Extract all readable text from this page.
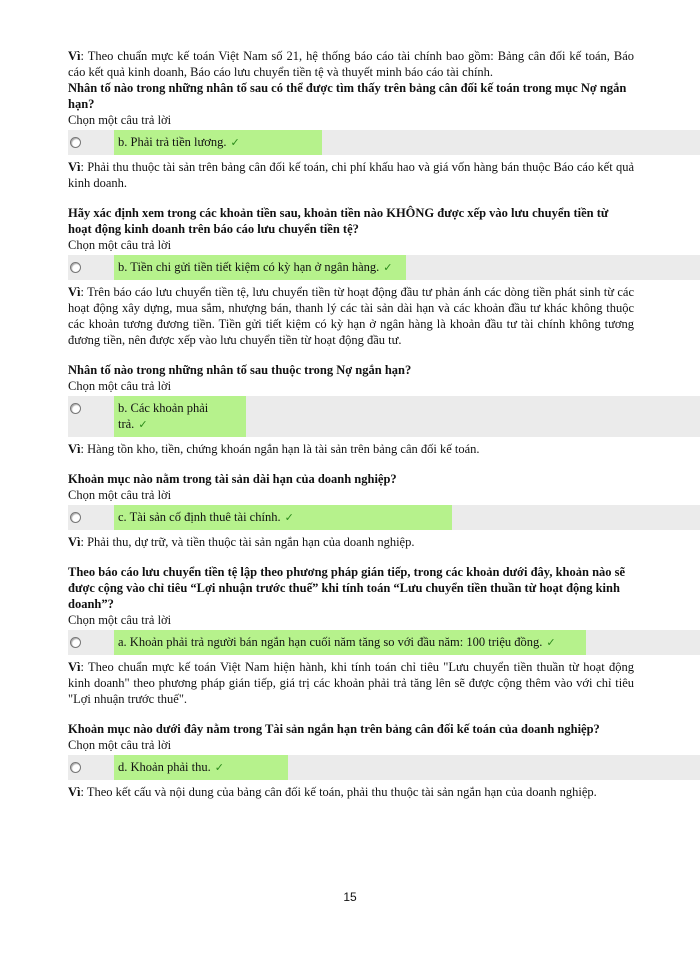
Vì: Theo chuẩn mực kế toán Việt Nam số 21, hệ thống báo cáo tài chính bao gồm: Bảng cân đối kế toán, Báo cáo kết quả kinh doanh, Báo cáo lưu chuyển tiền tệ và thuyết minh báo cáo tài chính.

Nhân tố nào trong những nhân tố sau có thể được tìm thấy trên bảng cân đối kế toán trong mục Nợ ngắn hạn?

Chọn một câu trả lời

b. Phải trả tiền lương. ✓

Vì: Phải thu thuộc tài sản trên bảng cân đối kế toán, chi phí khấu hao và giá vốn hàng bán thuộc Báo cáo kết quả kinh doanh.

Hãy xác định xem trong các khoản tiền sau, khoản tiền nào KHÔNG được xếp vào lưu chuyển tiền từ hoạt động kinh doanh trên báo cáo lưu chuyển tiền tệ?

Chọn một câu trả lời

b. Tiền chi gửi tiền tiết kiệm có kỳ hạn ở ngân hàng. ✓

Vì: Trên báo cáo lưu chuyển tiền tệ, lưu chuyển tiền từ hoạt động đầu tư phản ánh các dòng tiền phát sinh từ các hoạt động xây dựng, mua sắm, nhượng bán, thanh lý các tài sản dài hạn và các khoản đầu tư khác không thuộc các khoản tương đương tiền. Tiền gửi tiết kiệm có kỳ hạn ở ngân hàng là khoản đầu tư tài chính không tương đương tiền, nên được xếp vào lưu chuyển tiền từ hoạt động đầu tư.

Nhân tố nào trong những nhân tố sau thuộc trong Nợ ngắn hạn?

Chọn một câu trả lời

b. Các khoản phải trả. ✓

Vì: Hàng tồn kho, tiền, chứng khoán ngắn hạn là tài sản trên bảng cân đối kế toán.

Khoản mục nào nằm trong tài sản dài hạn của doanh nghiệp?

Chọn một câu trả lời

c. Tài sản cố định thuê tài chính. ✓

Vì: Phải thu, dự trữ, và tiền thuộc tài sản ngắn hạn của doanh nghiệp.

Theo báo cáo lưu chuyển tiền tệ lập theo phương pháp gián tiếp, trong các khoản dưới đây, khoản nào sẽ được cộng vào chỉ tiêu “Lợi nhuận trước thuế” khi tính toán “Lưu chuyển tiền thuần từ hoạt động kinh doanh”?

Chọn một câu trả lời

a. Khoản phải trả người bán ngắn hạn cuối năm tăng so với đầu năm: 100 triệu đồng. ✓

Vì: Theo chuẩn mực kế toán Việt Nam hiện hành, khi tính toán chỉ tiêu "Lưu chuyển tiền thuần từ hoạt động kinh doanh" theo phương pháp gián tiếp, giá trị các khoản phải trả tăng lên sẽ được cộng thêm vào với chỉ tiêu "Lợi nhuận trước thuế".

Khoản mục nào dưới đây nằm trong Tài sản ngắn hạn trên bảng cân đối kế toán của doanh nghiệp?

Chọn một câu trả lời

d. Khoản phải thu. ✓

Vì: Theo kết cấu và nội dung của bảng cân đối kế toán, phải thu thuộc tài sản ngắn hạn của doanh nghiệp.

15
